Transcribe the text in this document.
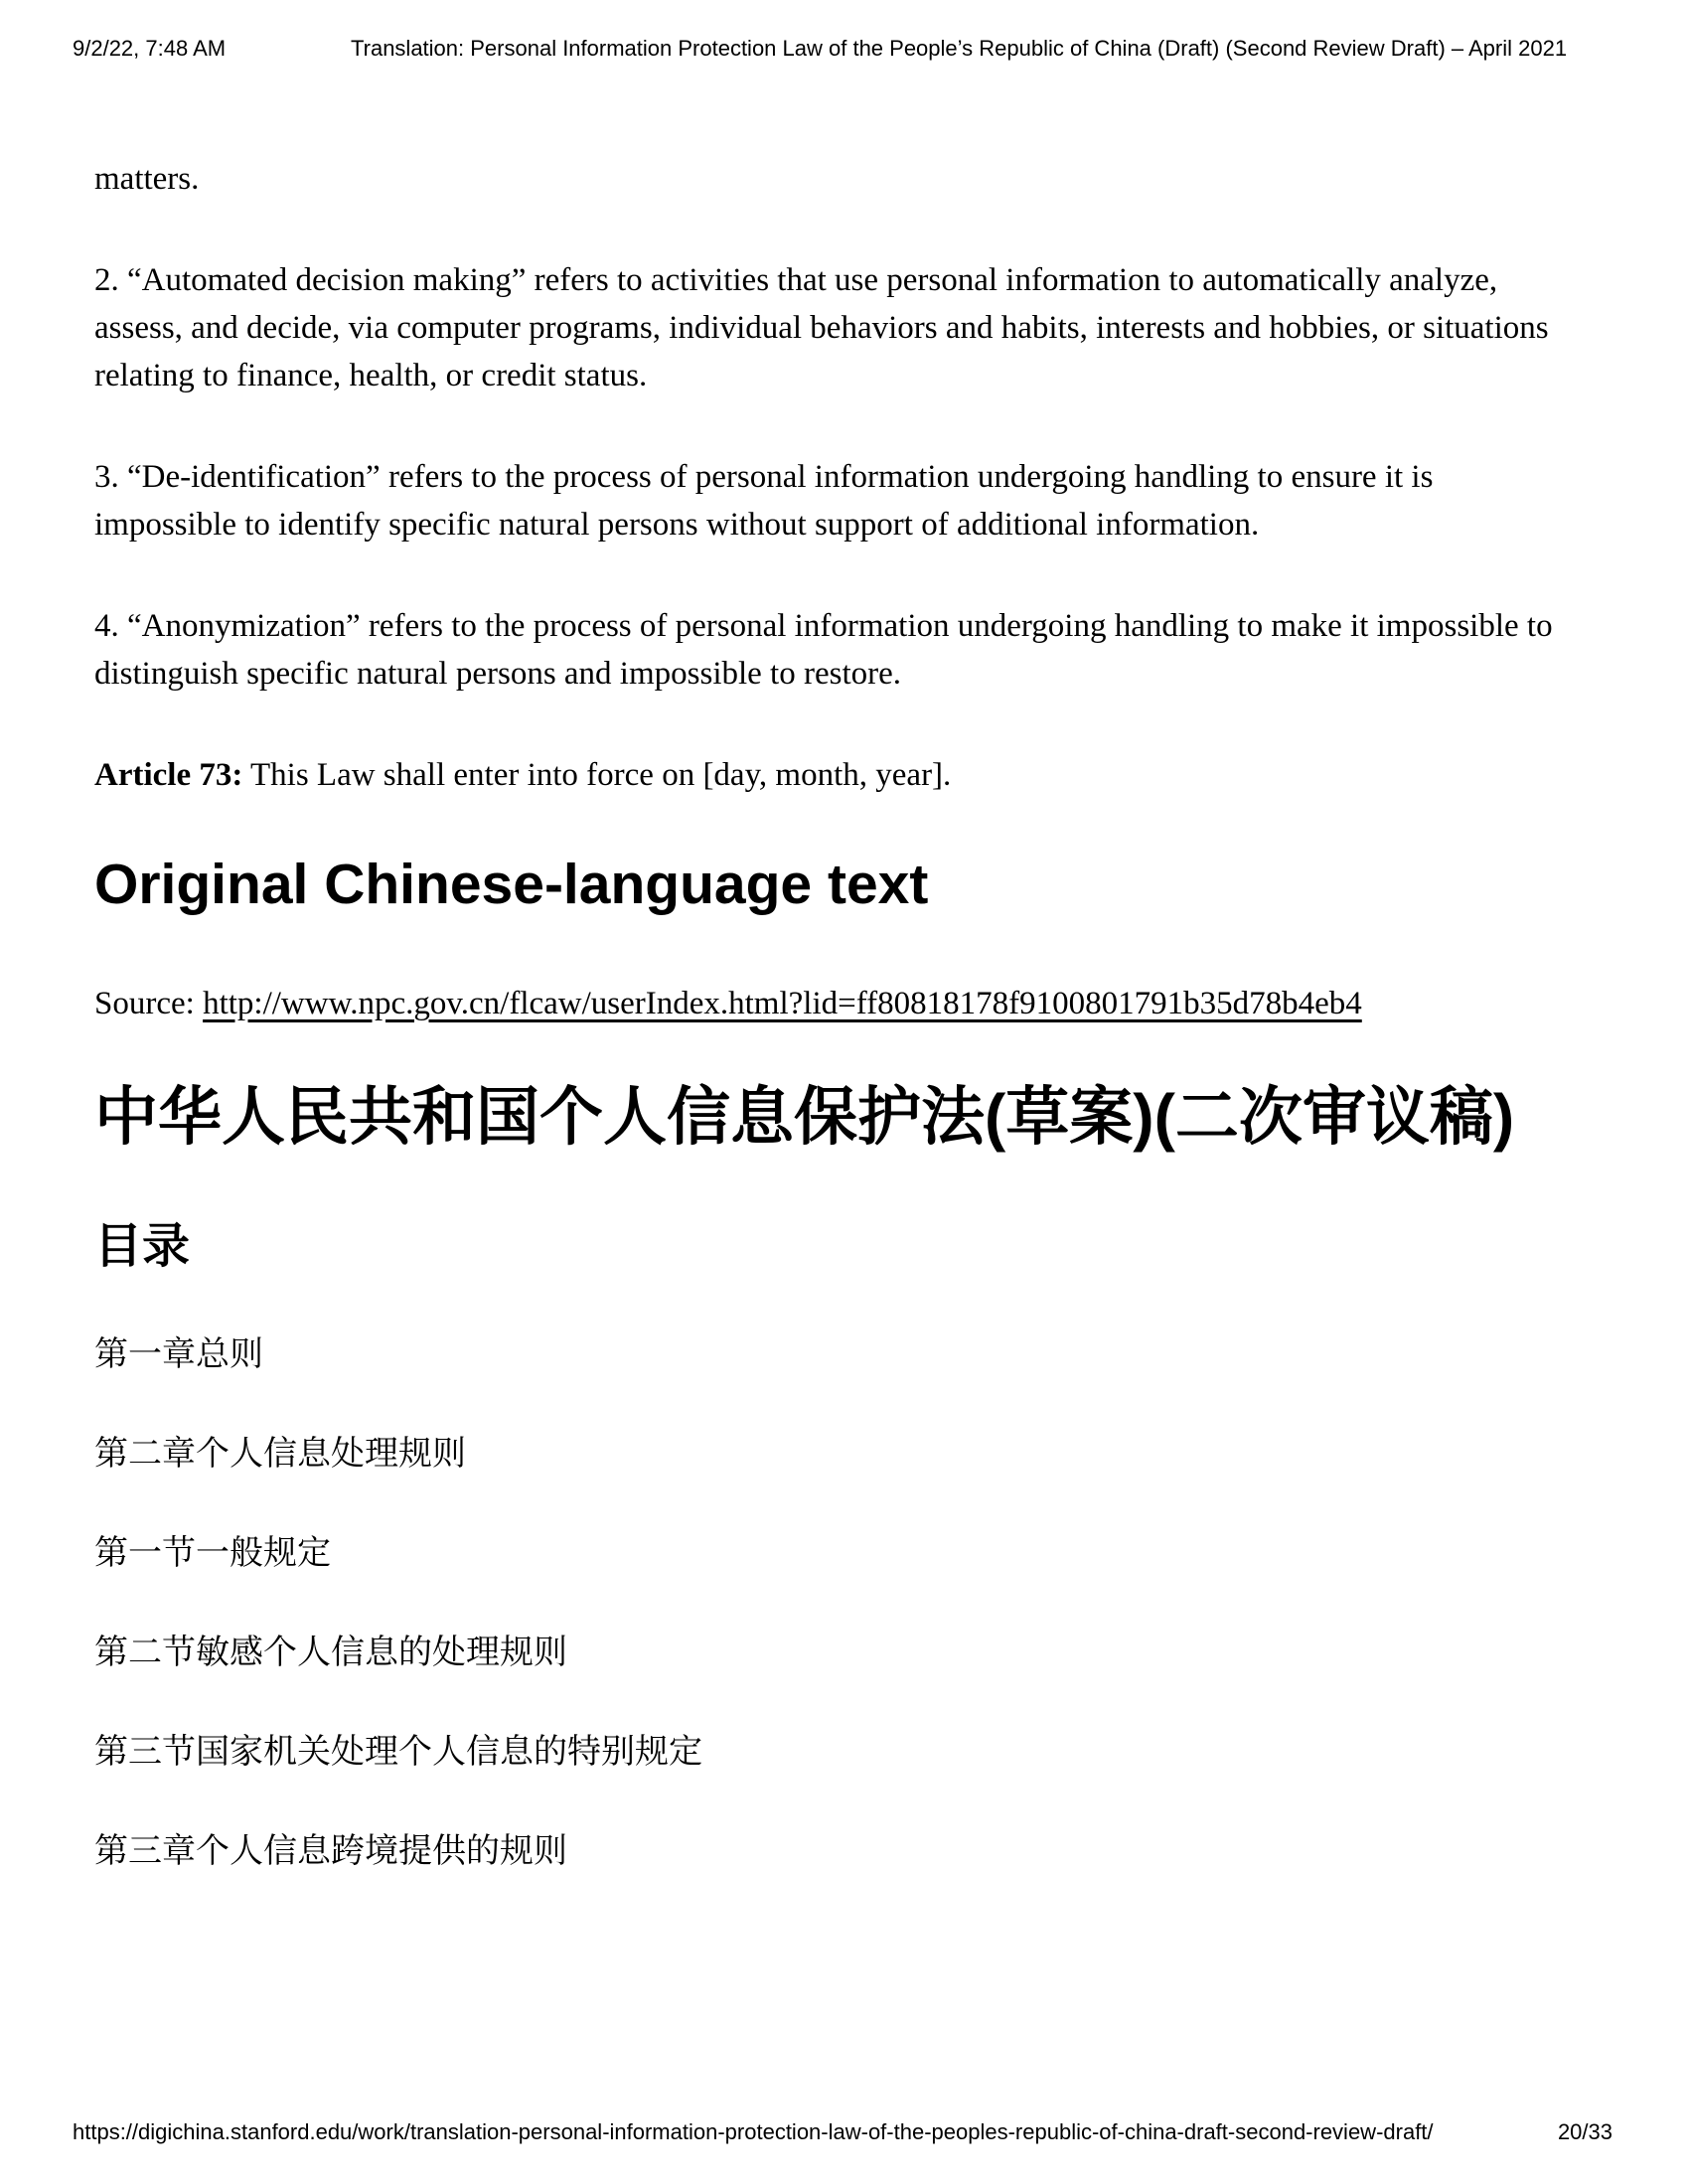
9/2/22, 7:48 AM	Translation: Personal Information Protection Law of the People’s Republic of China (Draft) (Second Review Draft) – April 2021

matters.

2. “Automated decision making” refers to activities that use personal information to automatically analyze, assess, and decide, via computer programs, individual behaviors and habits, interests and hobbies, or situations relating to finance, health, or credit status.

3. “De-identification” refers to the process of personal information undergoing handling to ensure it is impossible to identify specific natural persons without support of additional information.

4. “Anonymization” refers to the process of personal information undergoing handling to make it impossible to distinguish specific natural persons and impossible to restore.

Article 73: This Law shall enter into force on [day, month, year].

Original Chinese-language text

Source: http://www.npc.gov.cn/flcaw/userIndex.html?lid=ff80818178f9100801791b35d78b4eb4

中华人民共和国个人信息保护法(草案)(二次审议稿)
目录

第一章总则

第二章个人信息处理规则

第一节一般规定

第二节敏感个人信息的处理规则

第三节国家机关处理个人信息的特别规定

第三章个人信息跨境提供的规则

https://digichina.stanford.edu/work/translation-personal-information-protection-law-of-the-peoples-republic-of-china-draft-second-review-draft/	20/33
